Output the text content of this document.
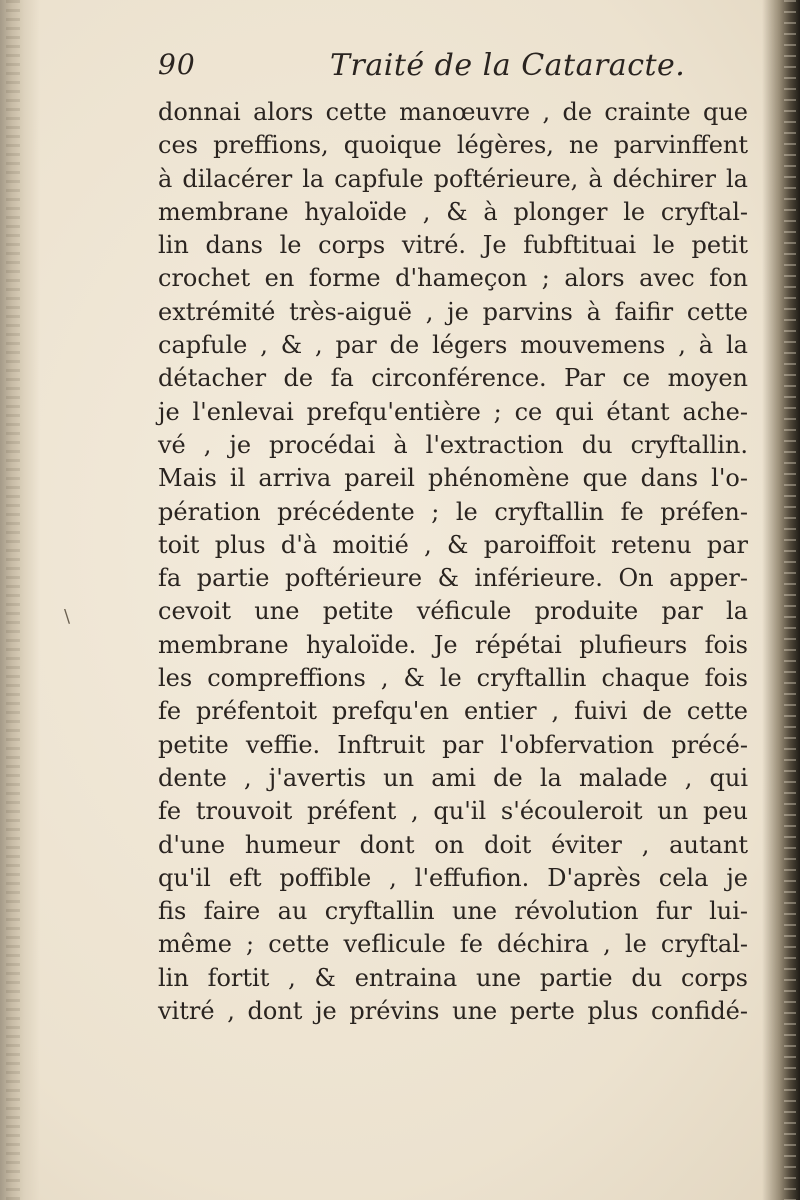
90	Traité de la Cataracte.
donnai alors cette manœuvre , de crainte que
ces preffions, quoique légères, ne parvinffent
à dilacérer la capfule poftérieure, à déchirer la
membrane hyaloïde , & à plonger le cryftal-
lin dans le corps vitré. Je fubftituai le petit
crochet en forme d'hameçon ; alors avec fon
extrémité très-aiguë , je parvins à faifir cette
capfule , & , par de légers mouvemens , à la
détacher de fa circonférence. Par ce moyen
je l'enlevai prefqu'entière ; ce qui étant ache-
vé , je procédai à l'extraction du cryftallin.
Mais il arriva pareil phénomène que dans l'o-
pération précédente ; le cryftallin fe préfen-
toit plus d'à moitié , & paroiffoit retenu par
fa partie poftérieure & inférieure. On apper-
cevoit une petite véficule produite par la
membrane hyaloïde. Je répétai plufieurs fois
les compreffions , & le cryftallin chaque fois
fe préfentoit prefqu'en entier , fuivi de cette
petite veffie. Inftruit par l'obfervation précé-
dente , j'avertis un ami de la malade , qui
fe trouvoit préfent , qu'il s'écouleroit un peu
d'une humeur dont on doit éviter , autant
qu'il eft poffible , l'effufion. D'après cela je
fis faire au cryftallin une révolution fur lui-
même ; cette veflicule fe déchira , le cryftal-
lin fortit , & entraina une partie du corps
vitré , dont je prévins une perte plus confidé-
\
